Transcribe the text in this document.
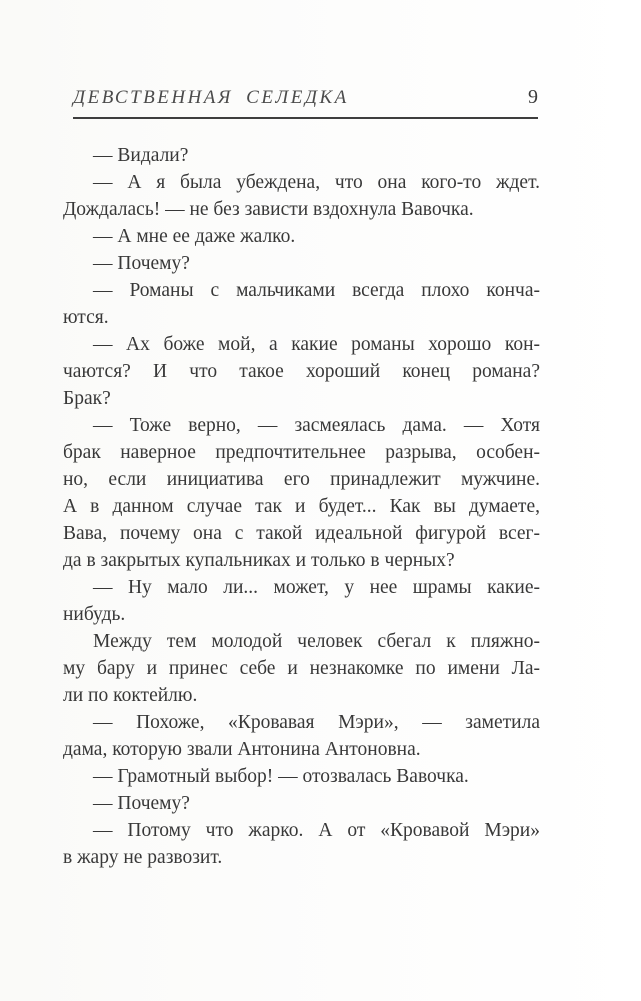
ДЕВСТВЕННАЯ СЕЛЕДКА	9

— Видали?

— А я была убеждена, что она кого-то ждет.
Дождалась! — не без зависти вздохнула Вавочка.

— А мне ее даже жалко.

— Почему?

— Романы с мальчиками всегда плохо конча-
ются.

— Ах боже мой, а какие романы хорошо кон-
чаются? И что такое хороший конец романа?
Брак?

— Тоже верно, — засмеялась дама. — Хотя
брак наверное предпочтительнее разрыва, особен-
но, если инициатива его принадлежит мужчине.
А в данном случае так и будет... Как вы думаете,
Вава, почему она с такой идеальной фигурой всег-
да в закрытых купальниках и только в черных?

— Ну мало ли... может, у нее шрамы какие-
нибудь.

Между тем молодой человек сбегал к пляжно-
му бару и принес себе и незнакомке по имени Ла-
ли по коктейлю.

— Похоже, «Кровавая Мэри», — заметила
дама, которую звали Антонина Антоновна.

— Грамотный выбор! — отозвалась Вавочка.

— Почему?

— Потому что жарко. А от «Кровавой Мэри»
в жару не развозит.
